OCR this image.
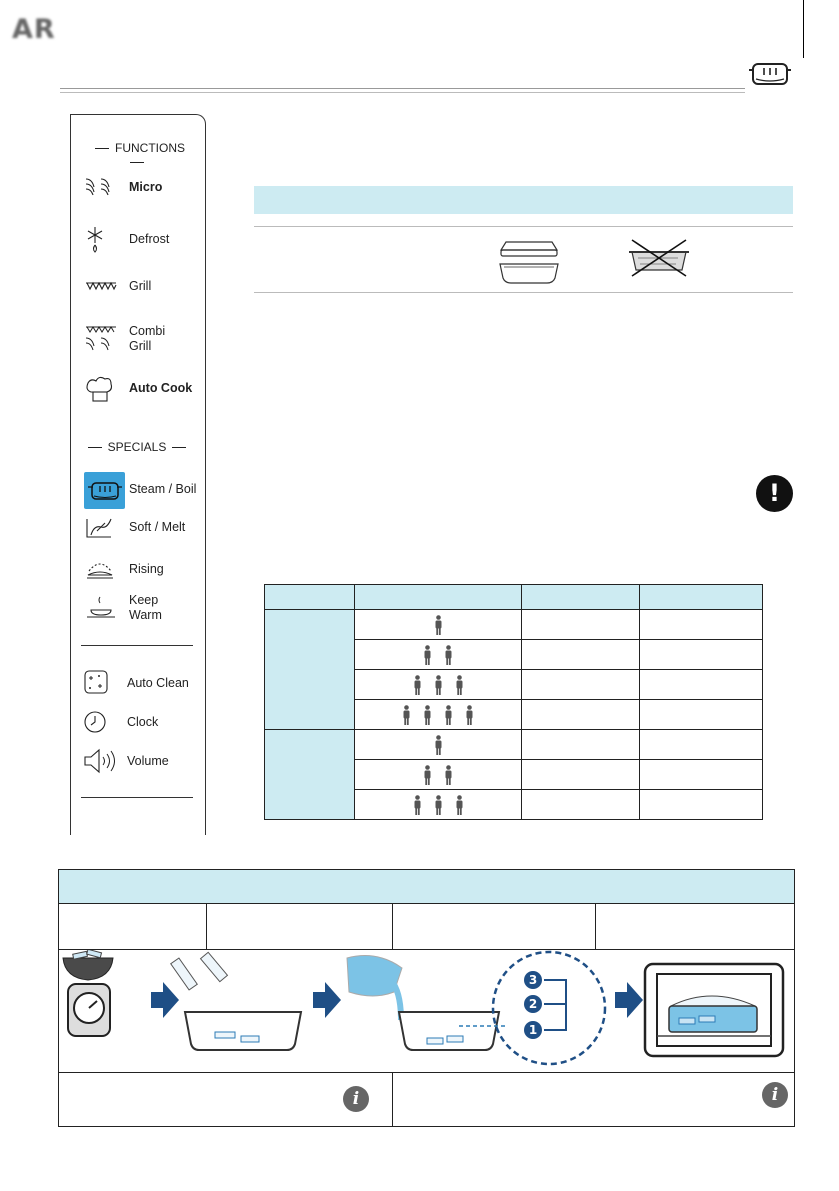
AR
FUNCTIONS
Micro
Defrost
Grill
Combi
Grill
Auto Cook
SPECIALS
Steam / Boil
Soft / Melt
Rising
Keep
Warm
Auto Clean
Clock
Volume
!

3
2
1
i	i
